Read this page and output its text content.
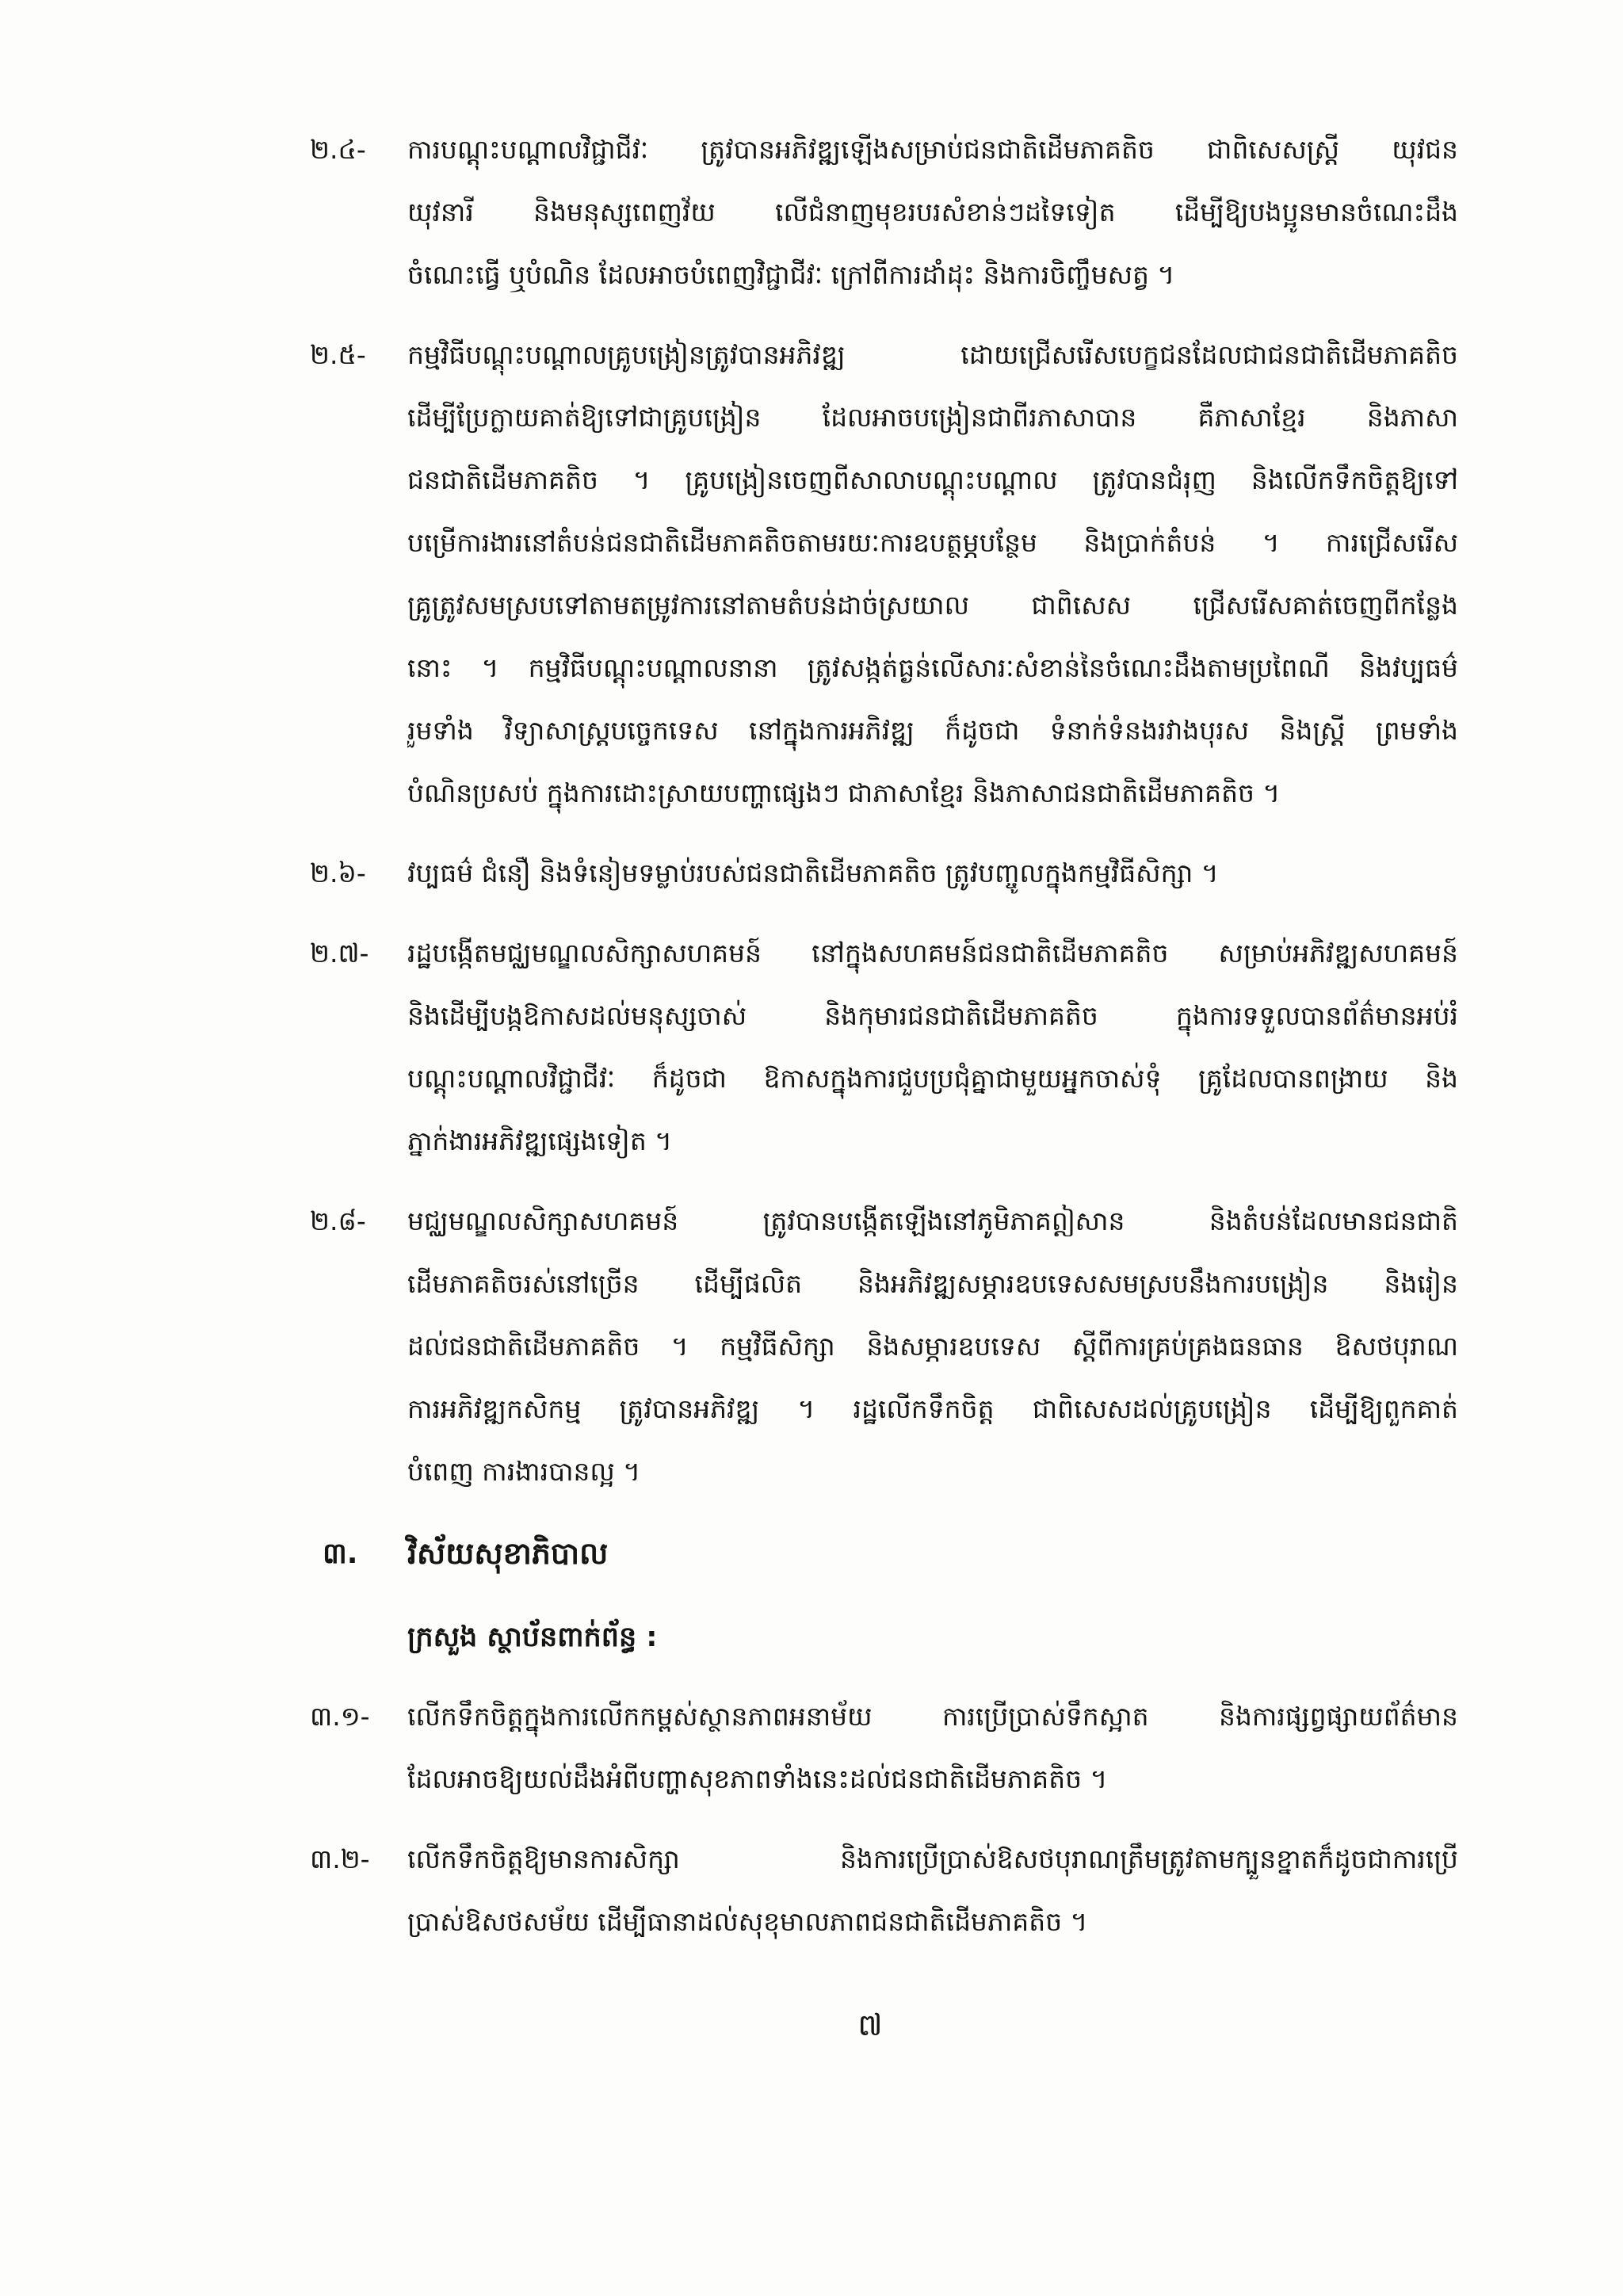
២.៤-	ការបណ្តុះបណ្តាលវិជ្ជាជីវៈ ត្រូវបានអភិវឌ្ឍឡើងសម្រាប់ជនជាតិដើមភាគតិច ជាពិសេសស្ត្រី យុវជន
យុវនារី និងមនុស្សពេញវ័យ លើជំនាញមុខរបរសំខាន់ៗដទៃទៀត ដើម្បីឱ្យបងប្អូនមានចំណេះដឹង
ចំណេះធ្វើ ឬបំណិន ដែលអាចបំពេញវិជ្ជាជីវៈ ក្រៅពីការដាំដុះ និងការចិញ្ចឹមសត្វ ។
២.៥-	កម្មវិធីបណ្តុះបណ្តាលគ្រូបង្រៀនត្រូវបានអភិវឌ្ឍ ដោយជ្រើសរើសបេក្ខជនដែលជាជនជាតិដើមភាគតិច
ដើម្បីប្រែក្លាយគាត់ឱ្យទៅជាគ្រូបង្រៀន ដែលអាចបង្រៀនជាពីរភាសាបាន គឺភាសាខ្មែរ និងភាសា
ជនជាតិដើមភាគតិច ។ គ្រូបង្រៀនចេញពីសាលាបណ្តុះបណ្តាល ត្រូវបានជំរុញ និងលើកទឹកចិត្តឱ្យទៅ
បម្រើការងារនៅតំបន់ជនជាតិដើមភាគតិចតាមរយៈការឧបត្ថម្ភបន្ថែម និងប្រាក់តំបន់ ។ ការជ្រើសរើស
គ្រូត្រូវសមស្របទៅតាមតម្រូវការនៅតាមតំបន់ដាច់ស្រយាល ជាពិសេស ជ្រើសរើសគាត់ចេញពីកន្លែង
នោះ ។ កម្មវិធីបណ្តុះបណ្តាលនានា ត្រូវសង្កត់ធ្ងន់លើសារៈសំខាន់នៃចំណេះដឹងតាមប្រពៃណី និងវប្បធម៌
រួមទាំង វិទ្យាសាស្ត្របច្ចេកទេស នៅក្នុងការអភិវឌ្ឍ ក៏ដូចជា ទំនាក់ទំនងរវាងបុរស និងស្ត្រី ព្រមទាំង
បំណិនប្រសប់ ក្នុងការដោះស្រាយបញ្ហាផ្សេងៗ ជាភាសាខ្មែរ និងភាសាជនជាតិដើមភាគតិច ។
២.៦-	វប្បធម៌ ជំនឿ និងទំនៀមទម្លាប់របស់ជនជាតិដើមភាគតិច ត្រូវបញ្ចូលក្នុងកម្មវិធីសិក្សា ។
២.៧-	រដ្ឋបង្កើតមជ្ឈមណ្ឌលសិក្សាសហគមន៍ នៅក្នុងសហគមន៍ជនជាតិដើមភាគតិច សម្រាប់អភិវឌ្ឍសហគមន៍
និងដើម្បីបង្កឱកាសដល់មនុស្សចាស់ និងកុមារជនជាតិដើមភាគតិច ក្នុងការទទួលបានព័ត៌មានអប់រំ
បណ្តុះបណ្តាលវិជ្ជាជីវៈ ក៏ដូចជា ឱកាសក្នុងការជួបប្រជុំគ្នាជាមួយអ្នកចាស់ទុំ គ្រូដែលបានពង្រាយ និង
ភ្នាក់ងារអភិវឌ្ឍផ្សេងទៀត ។
២.៨-	មជ្ឈមណ្ឌលសិក្សាសហគមន៍ ត្រូវបានបង្កើតឡើងនៅភូមិភាគឦសាន និងតំបន់ដែលមានជនជាតិ
ដើមភាគតិចរស់នៅច្រើន ដើម្បីផលិត និងអភិវឌ្ឍសម្ភារឧបទេសសមស្របនឹងការបង្រៀន និងរៀន
ដល់ជនជាតិដើមភាគតិច ។ កម្មវិធីសិក្សា និងសម្ភារឧបទេស ស្តីពីការគ្រប់គ្រងធនធាន ឱសថបុរាណ
ការអភិវឌ្ឍកសិកម្ម ត្រូវបានអភិវឌ្ឍ ។ រដ្ឋលើកទឹកចិត្ត ជាពិសេសដល់គ្រូបង្រៀន ដើម្បីឱ្យពួកគាត់
បំពេញ ការងារបានល្អ ។
៣.	វិស័យសុខាភិបាល
ក្រសួង ស្ថាប័នពាក់ព័ន្ធ :
៣.១-	លើកទឹកចិត្តក្នុងការលើកកម្ពស់ស្ថានភាពអនាម័យ ការប្រើប្រាស់ទឹកស្អាត និងការផ្សព្វផ្សាយព័ត៌មាន
ដែលអាចឱ្យយល់ដឹងអំពីបញ្ហាសុខភាពទាំងនេះដល់ជនជាតិដើមភាគតិច ។
៣.២-	លើកទឹកចិត្តឱ្យមានការសិក្សា និងការប្រើប្រាស់ឱសថបុរាណត្រឹមត្រូវតាមក្បួនខ្នាតក៏ដូចជាការប្រើ
ប្រាស់ឱសថសម័យ ដើម្បីធានាដល់សុខុមាលភាពជនជាតិដើមភាគតិច ។
៧
